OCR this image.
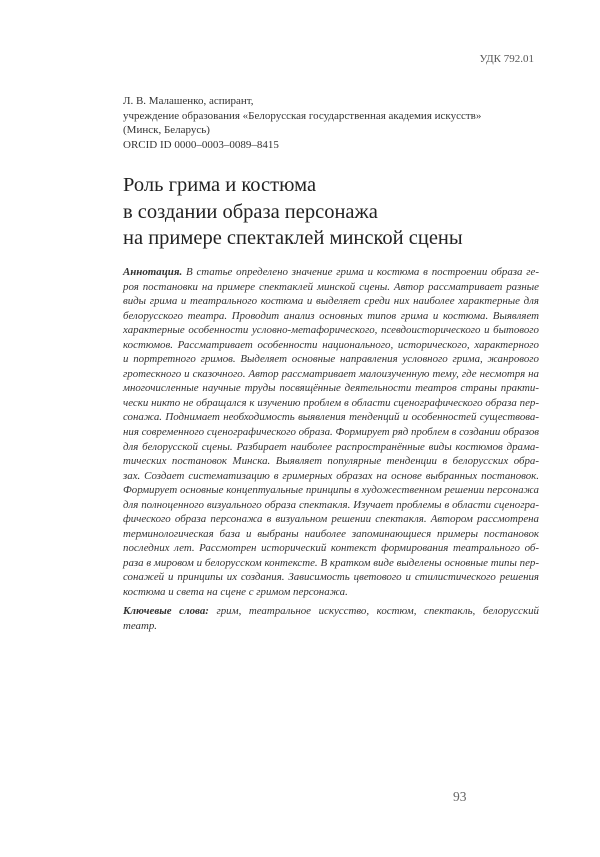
УДК 792.01
Л. В. Малашенко, аспирант,
учреждение образования «Белорусская государственная академия искусств»
(Минск, Беларусь)
ORCID ID 0000–0003–0089–8415
Роль грима и костюма
в создании образа персонажа
на примере спектаклей минской сцены
Аннотация. В статье определено значение грима и костюма в построении образа ге-
роя постановки на примере спектаклей минской сцены. Автор рассматривает разные
виды грима и театрального костюма и выделяет среди них наиболее характерные для
белорусского театра. Проводит анализ основных типов грима и костюма. Выявляет
характерные особенности условно-метафорического, псевдоисторического и бытового
костюмов. Рассматривает особенности национального, исторического, характерного
и портретного гримов. Выделяет основные направления условного грима, жанрового
гротескного и сказочного. Автор рассматривает малоизученную тему, где несмотря на
многочисленные научные труды посвящённые деятельности театров страны практи-
чески никто не обращался к изучению проблем в области сценографического образа пер-
сонажа. Поднимает необходимость выявления тенденций и особенностей существова-
ния современного сценографического образа. Формирует ряд проблем в создании образов
для белорусской сцены. Разбирает наиболее распространённые виды костюмов драма-
тических постановок Минска. Выявляет популярные тенденции в белорусских обра-
зах. Создает систематизацию в гримерных образах на основе выбранных постановок.
Формирует основные концептуальные принципы в художественном решении персонажа
для полноценного визуального образа спектакля. Изучает проблемы в области сценогра-
фического образа персонажа в визуальном решении спектакля. Автором рассмотрена
терминологическая база и выбраны наиболее запоминающиеся примеры постановок
последних лет. Рассмотрен исторический контекст формирования театрального об-
раза в мировом и белорусском контексте. В кратком виде выделены основные типы пер-
сонажей и принципы их создания. Зависимость цветового и стилистического решения
костюма и света на сцене с гримом персонажа.
Ключевые слова: грим, театральное искусство, костюм, спектакль, белорусский
театр.
93
